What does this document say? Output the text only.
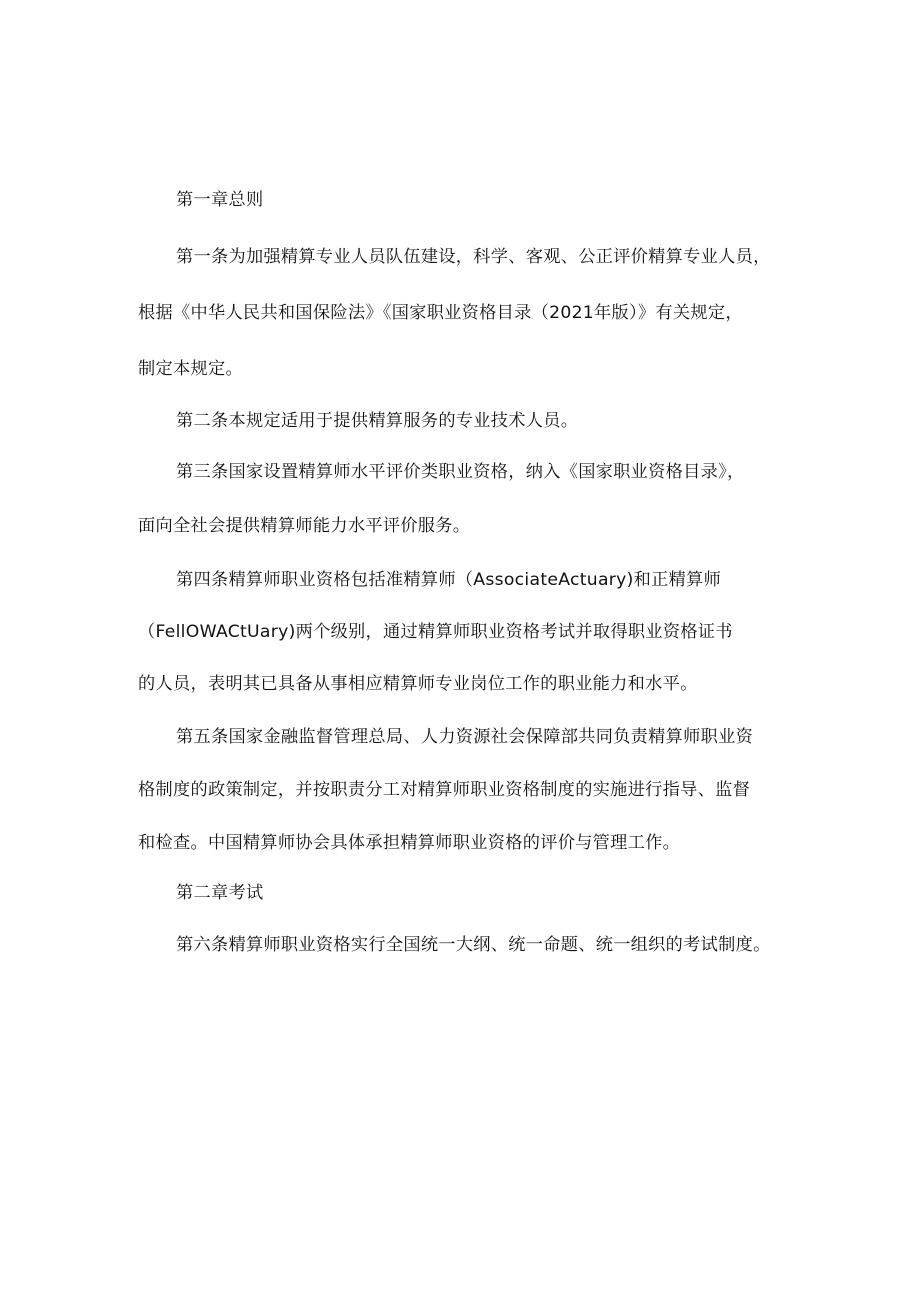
第一章总则
第一条为加强精算专业人员队伍建设，科学、客观、公正评价精算专业人员，
根据《中华人民共和国保险法》《国家职业资格目录（2021年版）》有关规定，
制定本规定。
第二条本规定适用于提供精算服务的专业技术人员。
第三条国家设置精算师水平评价类职业资格，纳入《国家职业资格目录》，
面向全社会提供精算师能力水平评价服务。
第四条精算师职业资格包括准精算师（AssociateActuary)和正精算师
（FellOWACtUary)两个级别，通过精算师职业资格考试并取得职业资格证书
的人员，表明其已具备从事相应精算师专业岗位工作的职业能力和水平。
第五条国家金融监督管理总局、人力资源社会保障部共同负责精算师职业资
格制度的政策制定，并按职责分工对精算师职业资格制度的实施进行指导、监督
和检查。中国精算师协会具体承担精算师职业资格的评价与管理工作。
第二章考试
第六条精算师职业资格实行全国统一大纲、统一命题、统一组织的考试制度。
